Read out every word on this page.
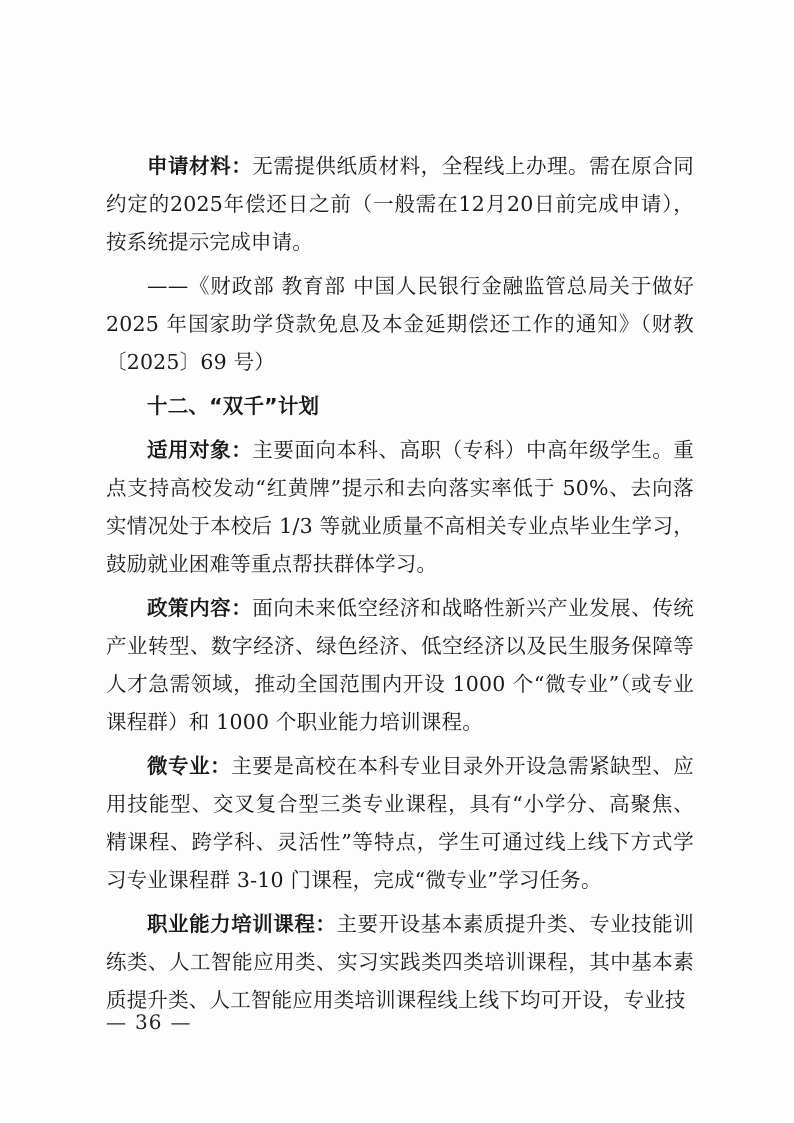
申请材料：无需提供纸质材料，全程线上办理。需在原合同约定的2025年偿还日之前（一般需在12月20日前完成申请），按系统提示完成申请。

——《财政部 教育部 中国人民银行金融监管总局关于做好 2025 年国家助学贷款免息及本金延期偿还工作的通知》（财教〔2025〕69 号）

十二、“双千”计划

适用对象：主要面向本科、高职（专科）中高年级学生。重点支持高校发动“红黄牌”提示和去向落实率低于 50%、去向落实情况处于本校后 1/3 等就业质量不高相关专业点毕业生学习，鼓励就业困难等重点帮扶群体学习。

政策内容：面向未来低空经济和战略性新兴产业发展、传统产业转型、数字经济、绿色经济、低空经济以及民生服务保障等人才急需领域，推动全国范围内开设 1000 个“微专业”（或专业课程群）和 1000 个职业能力培训课程。

微专业：主要是高校在本科专业目录外开设急需紧缺型、应用技能型、交叉复合型三类专业课程，具有“小学分、高聚焦、精课程、跨学科、灵活性”等特点，学生可通过线上线下方式学习专业课程群 3-10 门课程，完成“微专业”学习任务。

职业能力培训课程：主要开设基本素质提升类、专业技能训练类、人工智能应用类、实习实践类四类培训课程，其中基本素质提升类、人工智能应用类培训课程线上线下均可开设，专业技

— 36 —
